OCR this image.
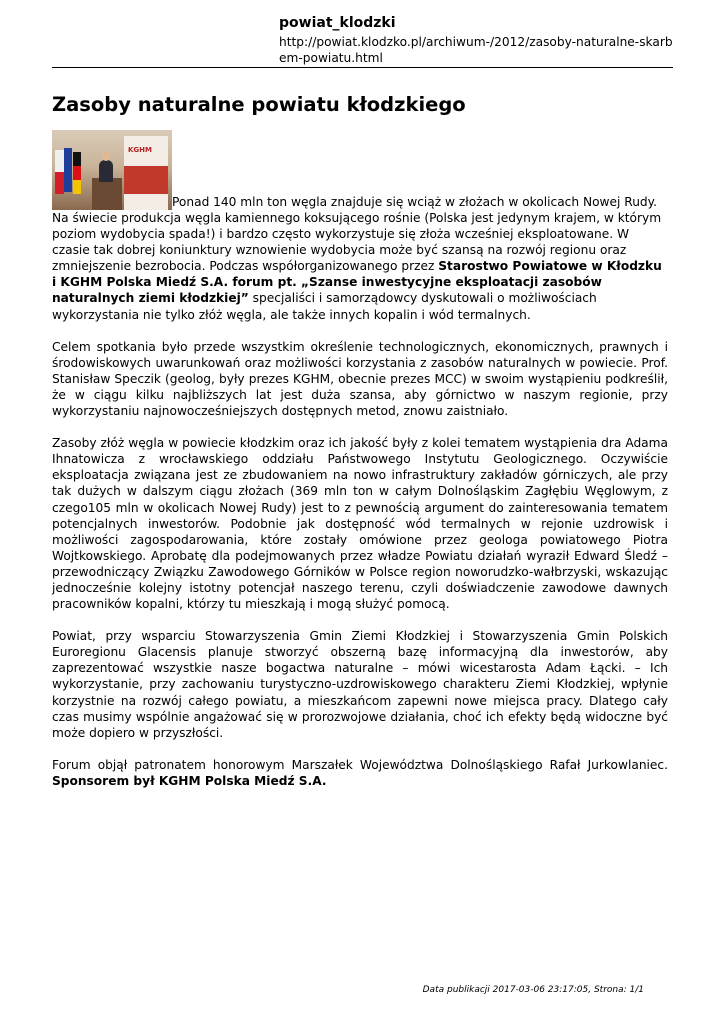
powiat_klodzki

http://powiat.klodzko.pl/archiwum-/2012/zasoby-naturalne-skarbem-powiatu.html

Zasoby naturalne powiatu kłodzkiego

KGHM
Ponad 140 mln ton węgla znajduje się wciąż w złożach w okolicach Nowej Rudy. Na świecie produkcja węgla kamiennego koksującego rośnie (Polska jest jedynym krajem, w którym poziom wydobycia spada!) i bardzo często wykorzystuje się złoża wcześniej eksploatowane. W czasie tak dobrej koniunktury wznowienie wydobycia może być szansą na rozwój regionu oraz zmniejszenie bezrobocia. Podczas współorganizowanego przez Starostwo Powiatowe w Kłodzku i KGHM Polska Miedź S.A. forum pt. „Szanse inwestycyjne eksploatacji zasobów naturalnych ziemi kłodzkiej” specjaliści i samorządowcy dyskutowali o możliwościach wykorzystania nie tylko złóż węgla, ale także innych kopalin i wód termalnych.

Celem spotkania było przede wszystkim określenie technologicznych, ekonomicznych, prawnych i środowiskowych uwarunkowań oraz możliwości korzystania z zasobów naturalnych w powiecie. Prof. Stanisław Speczik (geolog, były prezes KGHM, obecnie prezes MCC) w swoim wystąpieniu podkreślił, że w ciągu kilku najbliższych lat jest duża szansa, aby górnictwo w naszym regionie, przy wykorzystaniu najnowocześniejszych dostępnych metod, znowu zaistniało.

Zasoby złóż węgla w powiecie kłodzkim oraz ich jakość były z kolei tematem wystąpienia dra Adama Ihnatowicza z wrocławskiego oddziału Państwowego Instytutu Geologicznego. Oczywiście eksploatacja związana jest ze zbudowaniem na nowo infrastruktury zakładów górniczych, ale przy tak dużych w dalszym ciągu złożach (369 mln ton w całym Dolnośląskim Zagłębiu Węglowym, z czego105 mln w okolicach Nowej Rudy) jest to z pewnością argument do zainteresowania tematem potencjalnych inwestorów. Podobnie jak dostępność wód termalnych w rejonie uzdrowisk i możliwości zagospodarowania, które zostały omówione przez geologa powiatowego Piotra Wojtkowskiego. Aprobatę dla podejmowanych przez władze Powiatu działań wyraził Edward Śledź – przewodniczący Związku Zawodowego Górników w Polsce region noworudzko-wałbrzyski, wskazując jednocześnie kolejny istotny potencjał naszego terenu, czyli doświadczenie zawodowe dawnych pracowników kopalni, którzy tu mieszkają i mogą służyć pomocą.

Powiat, przy wsparciu Stowarzyszenia Gmin Ziemi Kłodzkiej i Stowarzyszenia Gmin Polskich Euroregionu Glacensis planuje stworzyć obszerną bazę informacyjną dla inwestorów, aby zaprezentować wszystkie nasze bogactwa naturalne – mówi wicestarosta Adam Łącki. – Ich wykorzystanie, przy zachowaniu turystyczno-uzdrowiskowego charakteru Ziemi Kłodzkiej, wpłynie korzystnie na rozwój całego powiatu, a mieszkańcom zapewni nowe miejsca pracy. Dlatego cały czas musimy wspólnie angażować się w prorozwojowe działania, choć ich efekty będą widoczne być może dopiero w przyszłości.

Forum objął patronatem honorowym Marszałek Województwa Dolnośląskiego Rafał Jurkowlaniec. Sponsorem był KGHM Polska Miedź S.A.

Data publikacji 2017-03-06 23:17:05, Strona: 1/1
